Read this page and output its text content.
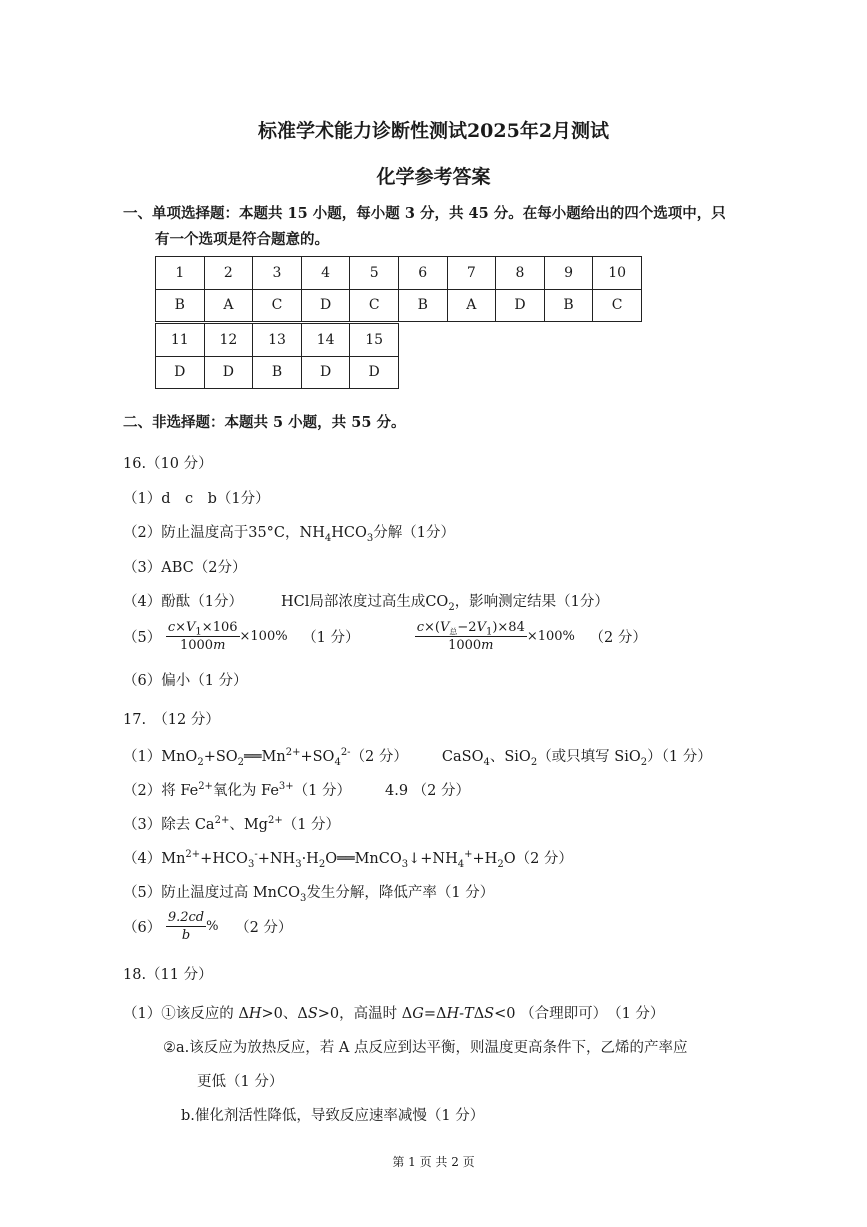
标准学术能力诊断性测试2025年2月测试
化学参考答案
一、单项选择题：本题共 15 小题，每小题 3 分，共 45 分。在每小题给出的四个选项中，只
有一个选项是符合题意的。
1	2	3	4	5	6	7	8	9	10
B	A	C	D	C	B	A	D	B	C
11	12	13	14	15
D	D	B	D	D
二、非选择题：本题共 5 小题，共 55 分。
16.（10 分）
（1）d　c　b（1分）
（2）防止温度高于35°C，$NH_4HCO_3$分解（1分）
（3）ABC（2分）
（4）酚酞（1分）	HCl局部浓度过高生成$CO_2$，影响测定结果（1分）
$(5) \frac{c\times V_1\times 106}{1000m} \times 100\%$ （1 分）	$\frac{c\times(V_总-2V_1)\times 84}{1000m} \times 100\%$ （2 分）
（6）偏小（1 分）
17.　（12 分）
$(1)MnO_2+SO_2══Mn^{2+}+SO_4^{2-}(2$ 分） CaSO$_4$、SiO$_2$（或只填写 SiO$_2$）（1 分）
（2）将 $Fe^{2+}$氧化为 $Fe^{3+}(1$ 分） 4.9 （2 分）
（3）除去 $Ca^{2+}$、$Mg^{2+}(1$ 分）
$(4)Mn^{2+}+HCO_3^-+NH_3\cdot H_2O══MnCO_3↓+NH_4^++H_2O(2$ 分）
（5）防止温度过高 MnCO$_3$发生分解，降低产率（1 分）
$(6) \frac{9.2cd}{b}$ % （2 分）
18.（11 分）
（1）①该反应的 ΔH>0、ΔS>0，高温时 ΔG=ΔH-TΔS<0 （合理即可）　（1 分）
②a.该反应为放热反应，若 A 点反应到达平衡，则温度更高条件下，乙烯的产率应
更低（1 分）
b.催化剂活性降低，导致反应速率减慢（1 分）
第 1 页 共 2 页
